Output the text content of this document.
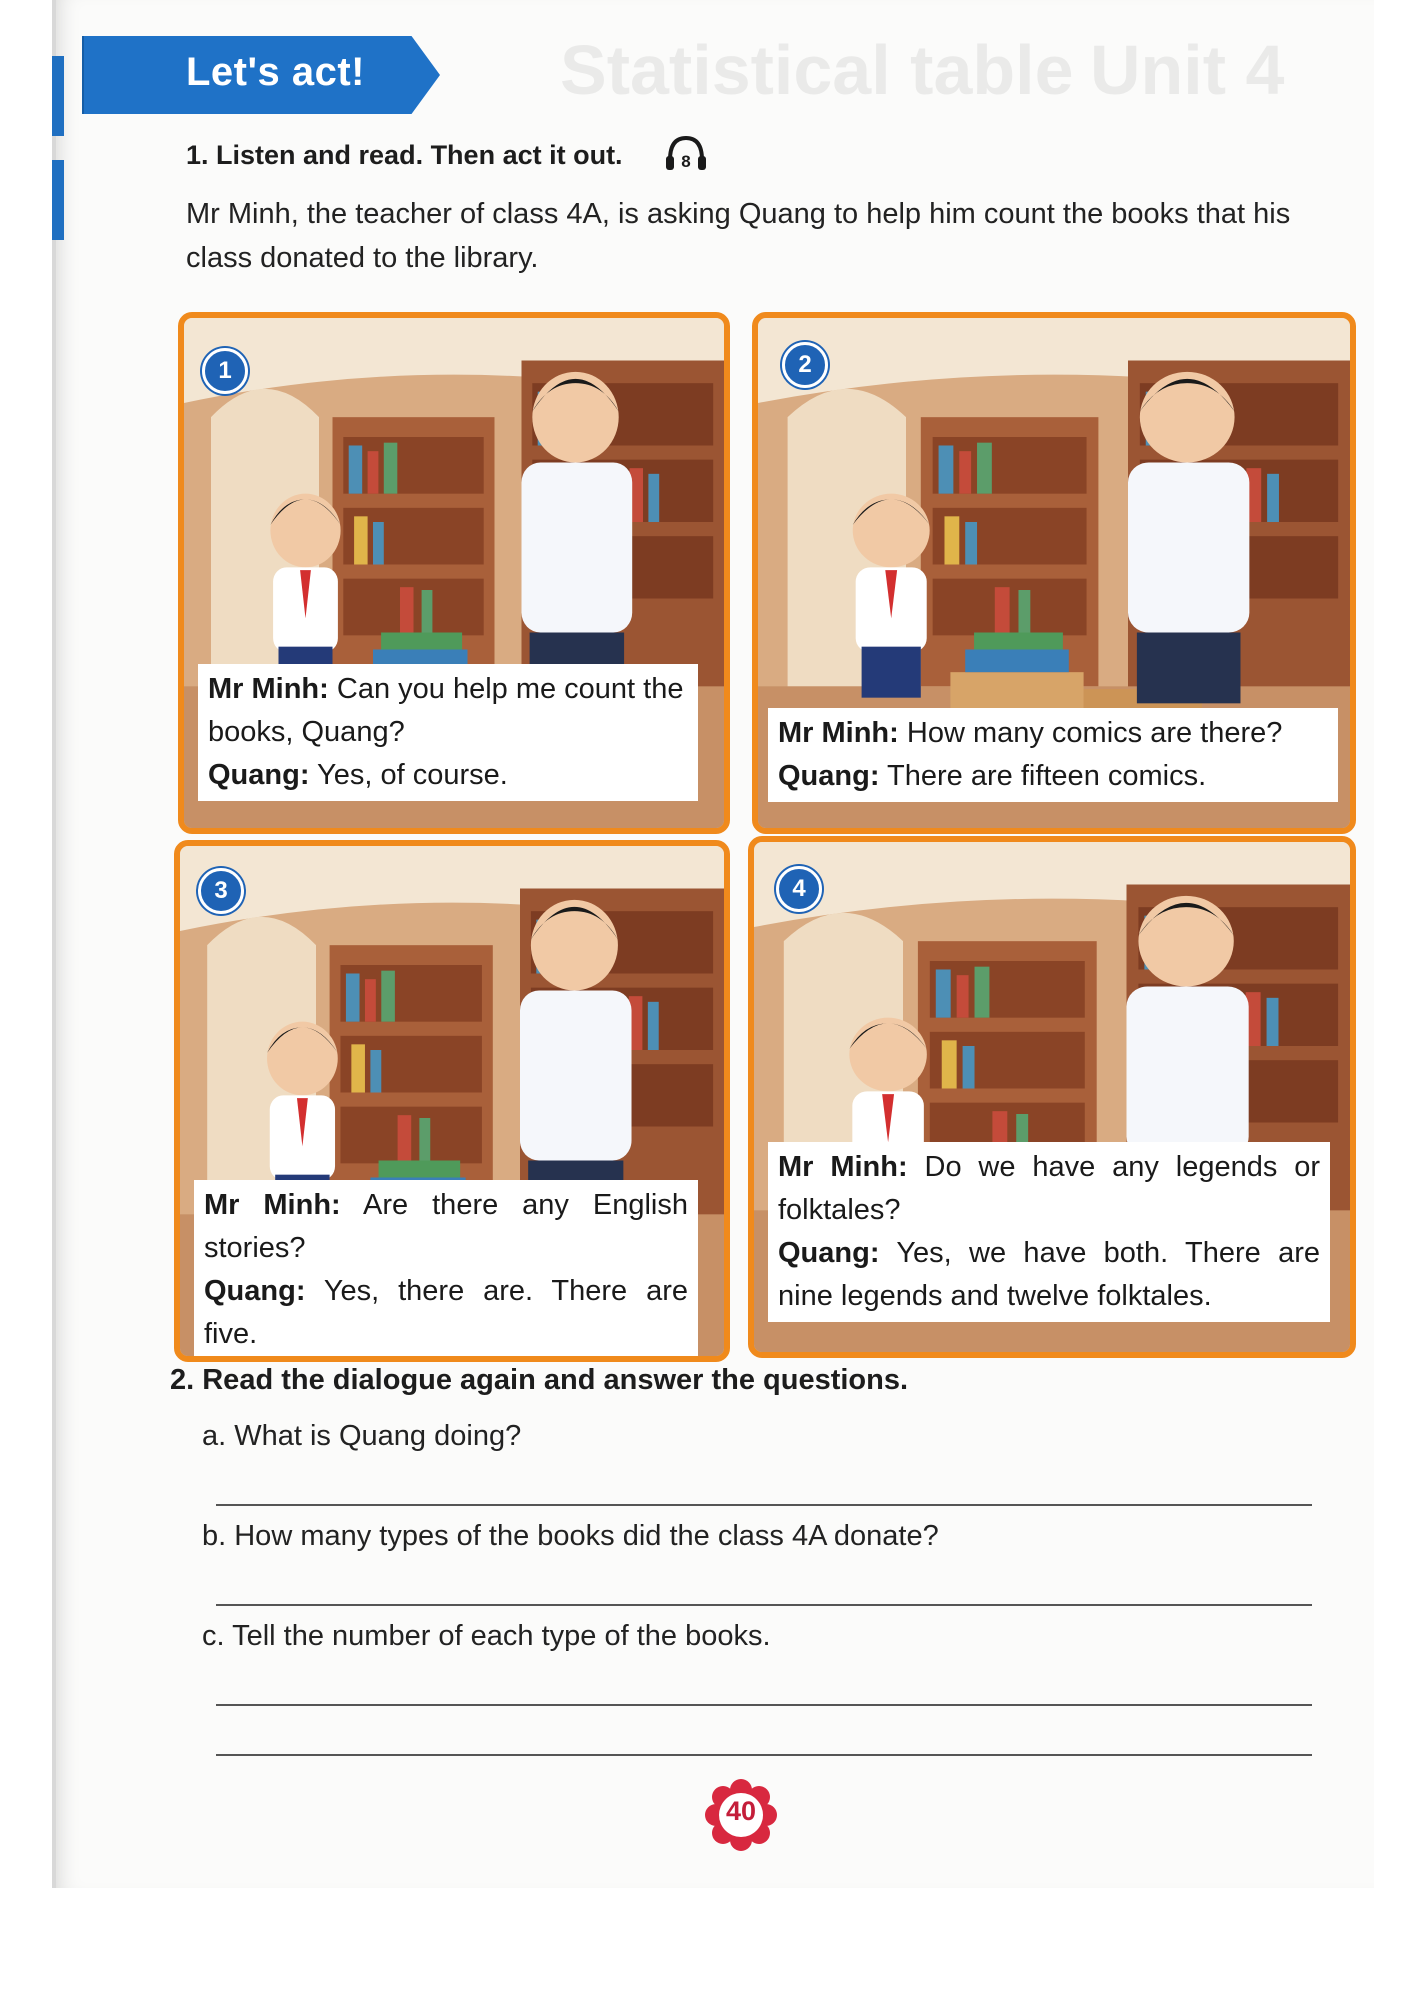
Statistical table Unit 4
Let's act!
1. Listen and read. Then act it out.	8
Mr Minh, the teacher of class 4A, is asking Quang to help him count the books that his class donated to the library.
1
Mr Minh: Can you help me count the books, Quang?
Quang: Yes, of course.
2
Mr Minh: How many comics are there?
Quang: There are fifteen comics.
3
Mr Minh: Are there any English stories?
Quang: Yes, there are. There are five.
4
Mr Minh: Do we have any legends or folktales?
Quang: Yes, we have both. There are nine legends and twelve folktales.
2. Read the dialogue again and answer the questions.
a. What is Quang doing?
b. How many types of the books did the class 4A donate?
c. Tell the number of each type of the books.
40
